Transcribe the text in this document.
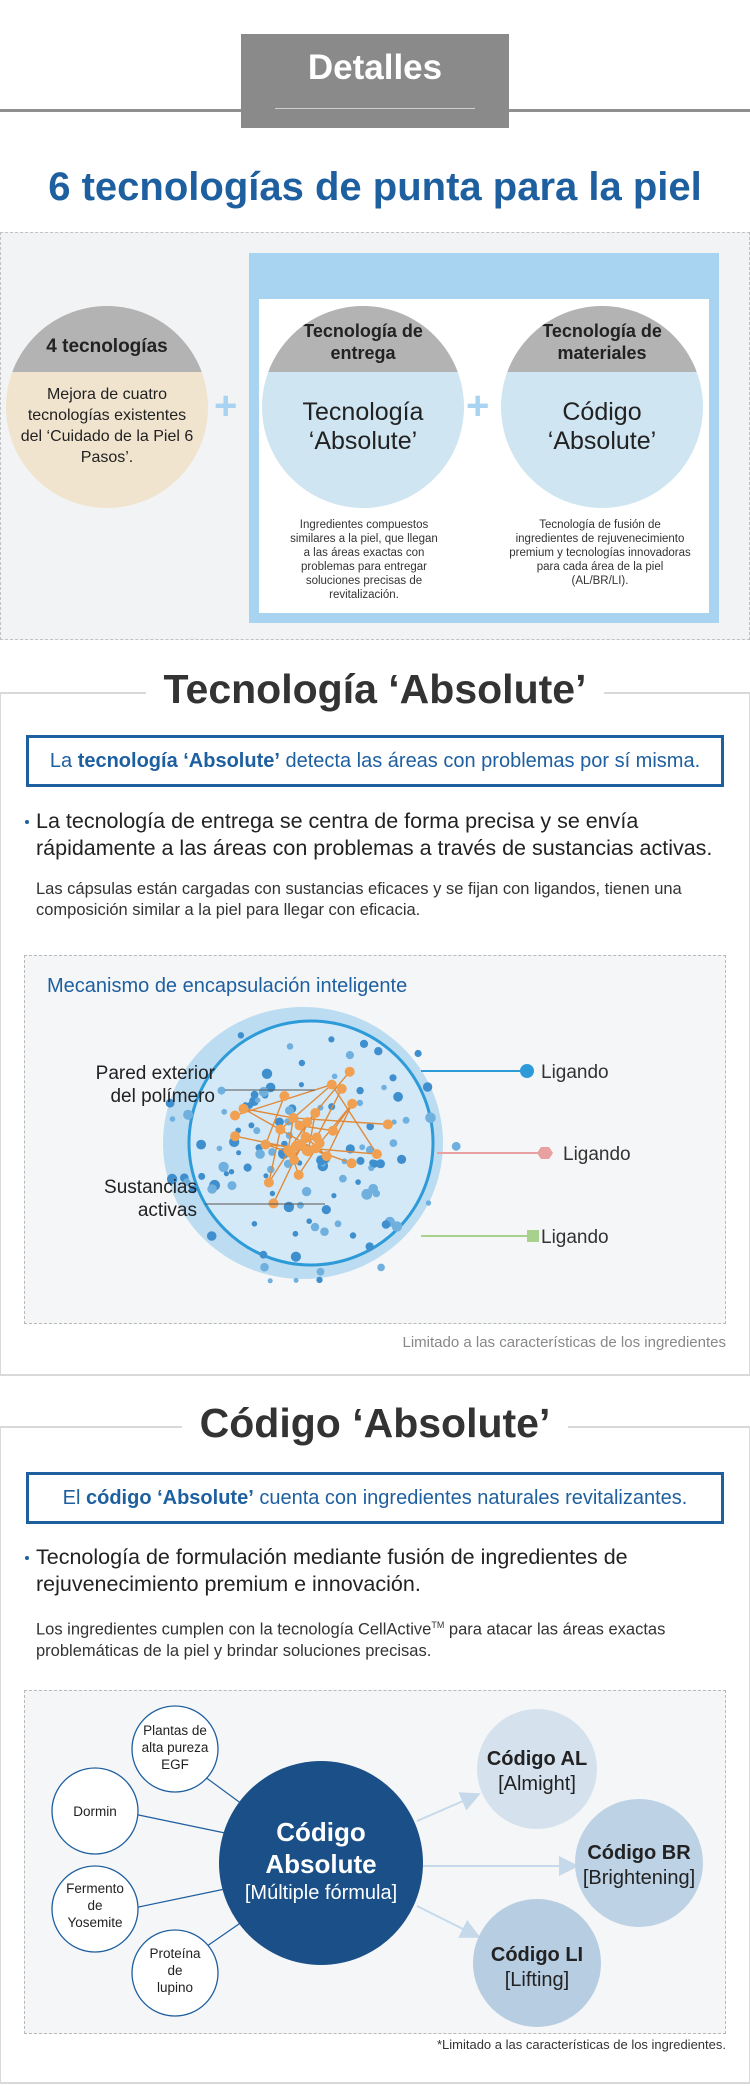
Detalles
6 tecnologías de punta para la piel
4 tecnologías
Mejora de cuatro tecnologías existentes del ‘Cuidado de la Piel 6 Pasos’.
+
Tecnología de entrega
Tecnología ‘Absolute’
+
Tecnología de materiales
Código ‘Absolute’
Ingredientes compuestos similares a la piel, que llegan a las áreas exactas con problemas para entregar soluciones precisas de revitalización.
Tecnología de fusión de ingredientes de rejuvenecimiento premium y tecnologías innovadoras para cada área de la piel (AL/BR/LI).
Tecnología ‘Absolute’
La tecnología ‘Absolute’ detecta las áreas con problemas por sí misma.
La tecnología de entrega se centra de forma precisa y se envía rápidamente a las áreas con problemas a través de sustancias activas.
Las cápsulas están cargadas con sustancias eficaces y se fijan con ligandos, tienen una composición similar a la piel para llegar con eficacia.
Mecanismo de encapsulación inteligente
Pared exterior
del polímero
Sustancias
activas
Ligando
Ligando
Ligando
Limitado a las características de los ingredientes
Código ‘Absolute’
El código ‘Absolute’ cuenta con ingredientes naturales revitalizantes.
Tecnología de formulación mediante fusión de ingredientes de rejuvenecimiento premium e innovación.
Los ingredientes cumplen con la tecnología CellActive™ para atacar las áreas exactas problemáticas de la piel y brindar soluciones precisas.
Plantas de
alta pureza
EGF
Dormin
Fermento
de
Yosemite
Proteína
de
lupino
Código
Absolute
[Múltiple fórmula]
Código AL
[Almight]
Código BR
[Brightening]
Código LI
[Lifting]
*Limitado a las características de los ingredientes.
